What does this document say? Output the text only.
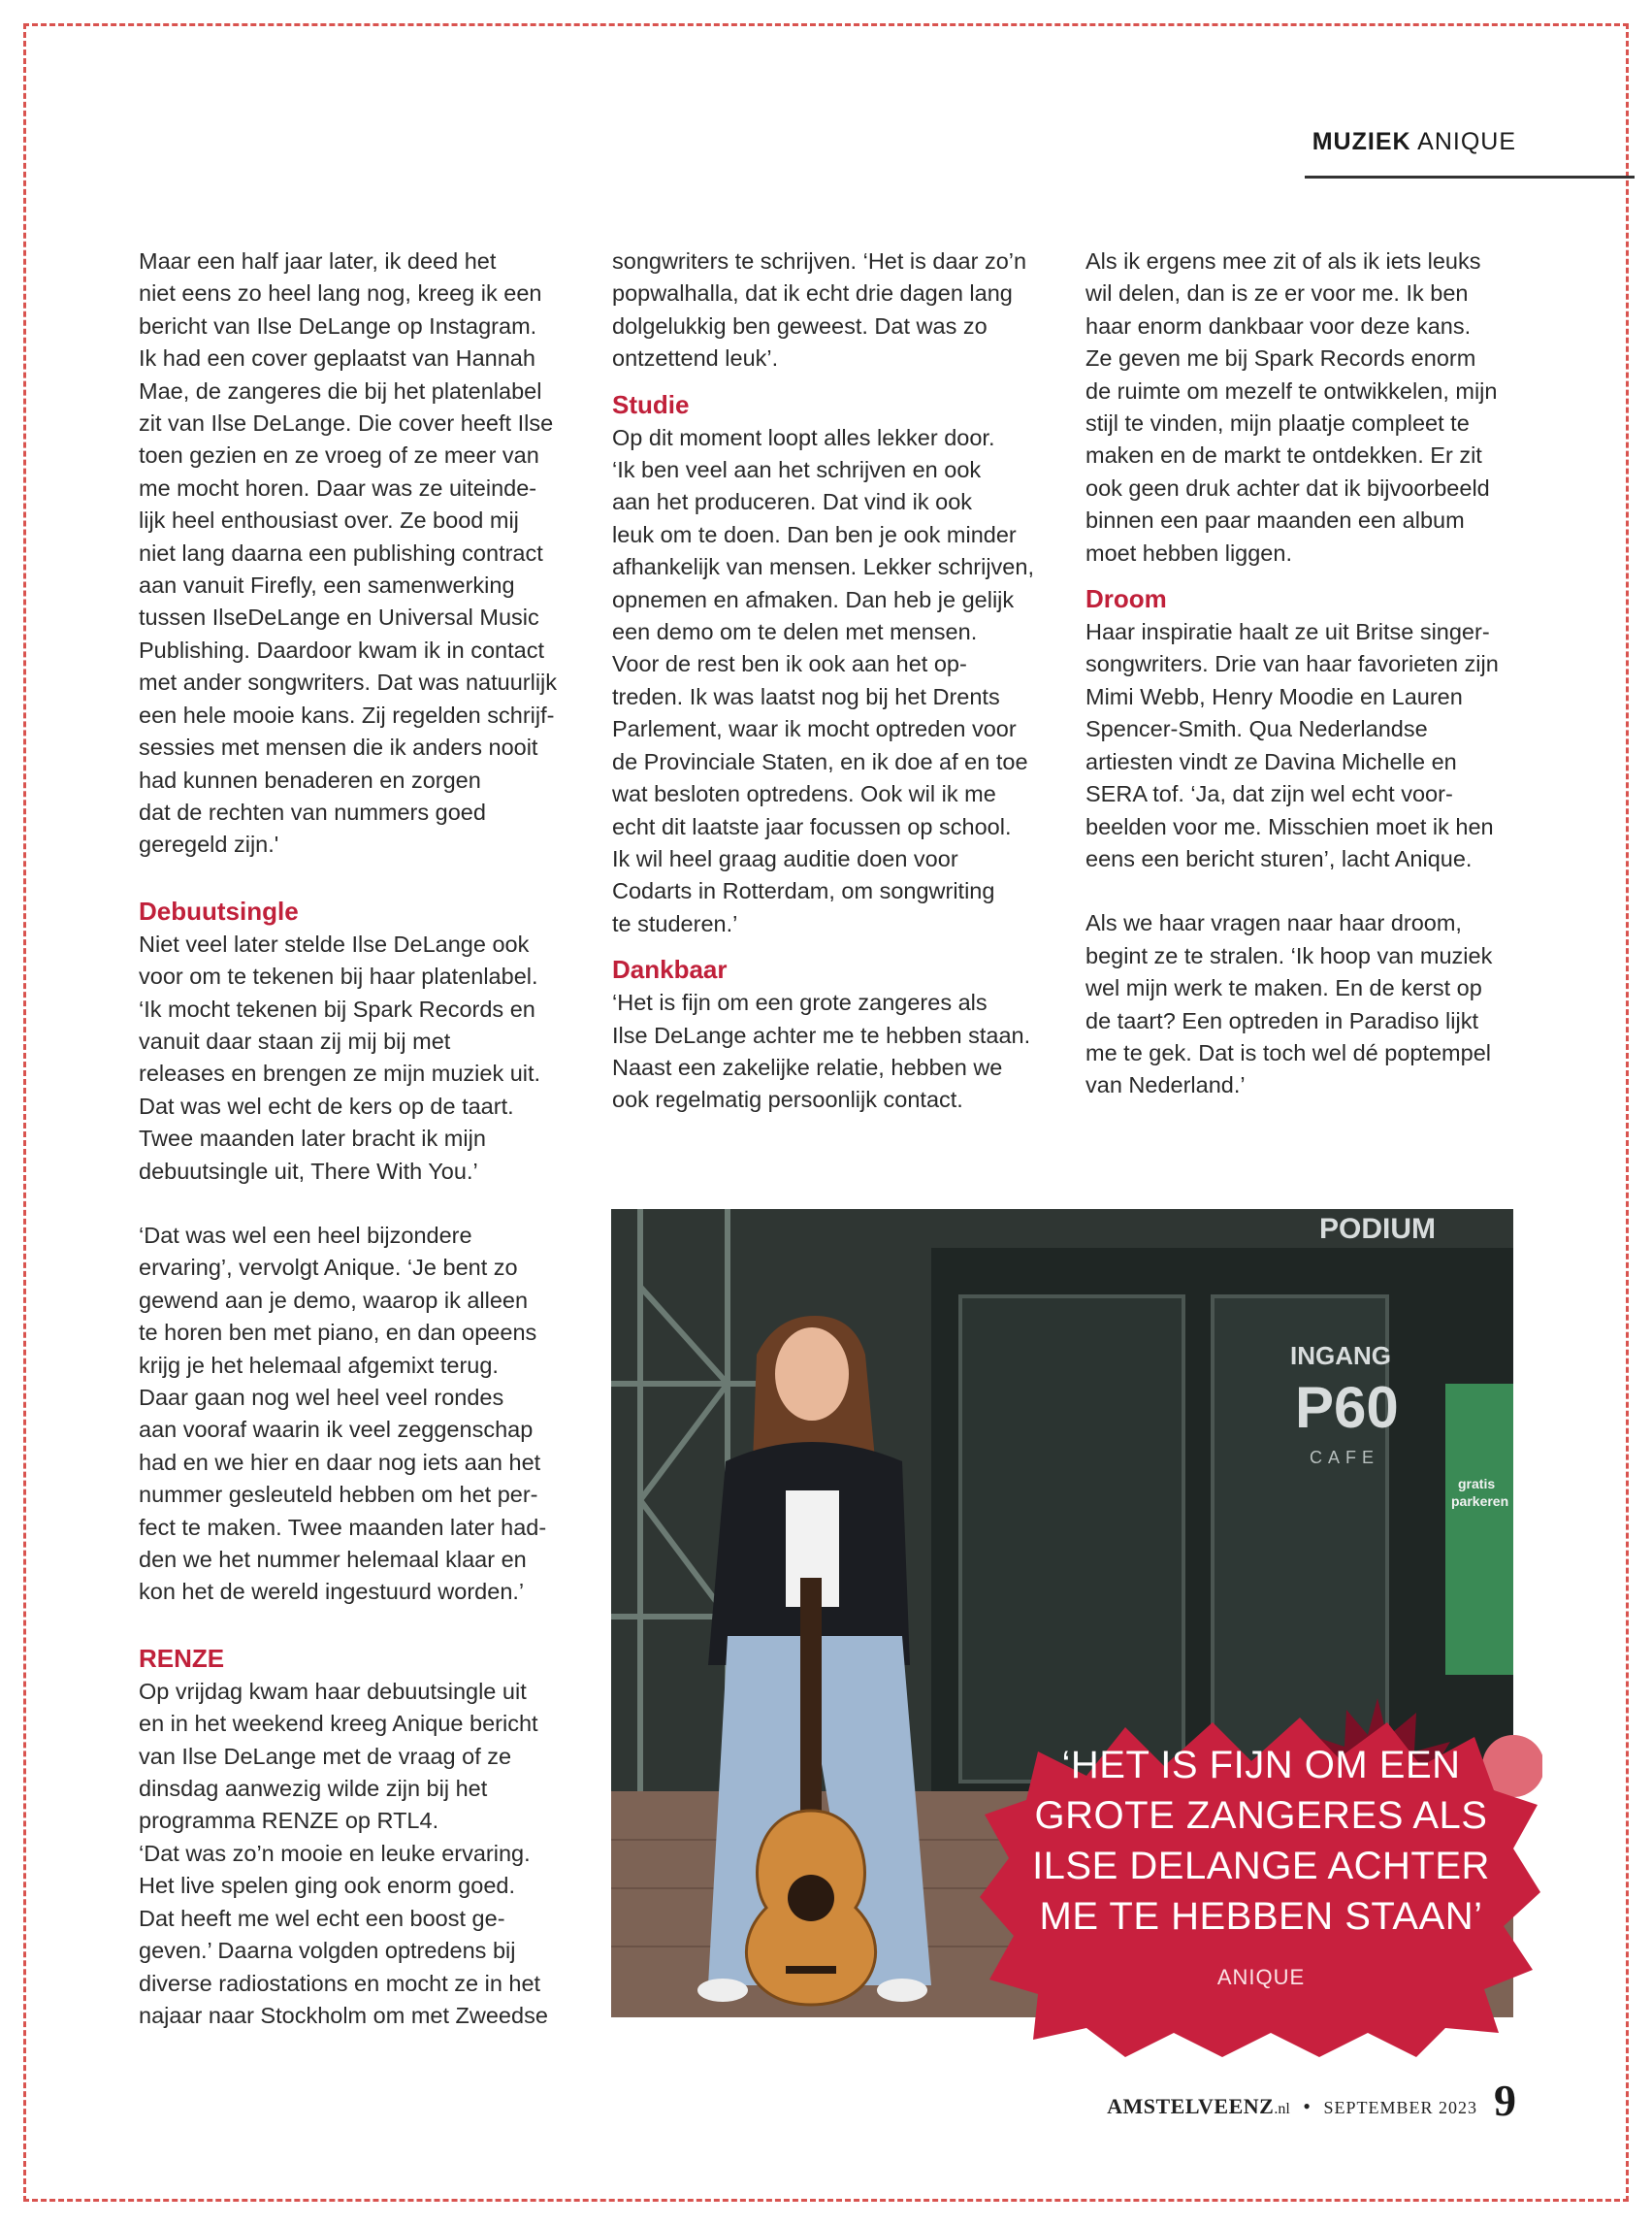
MUZIEK ANIQUE

Maar een half jaar later, ik deed het
niet eens zo heel lang nog, kreeg ik een
bericht van Ilse DeLange op Instagram.
Ik had een cover geplaatst van Hannah
Mae, de zangeres die bij het platenlabel
zit van Ilse DeLange. Die cover heeft Ilse
toen gezien en ze vroeg of ze meer van
me mocht horen. Daar was ze uiteinde-
lijk heel enthousiast over. Ze bood mij
niet lang daarna een publishing contract
aan vanuit Firefly, een samenwerking
tussen IlseDeLange en Universal Music
Publishing. Daardoor kwam ik in contact
met ander songwriters. Dat was natuurlijk
een hele mooie kans. Zij regelden schrijf-
sessies met mensen die ik anders nooit
had kunnen benaderen en zorgen
dat de rechten van nummers goed
geregeld zijn.'

Debuutsingle

Niet veel later stelde Ilse DeLange ook
voor om te tekenen bij haar platenlabel.
‘Ik mocht tekenen bij Spark Records en
vanuit daar staan zij mij bij met
releases en brengen ze mijn muziek uit.
Dat was wel echt de kers op de taart.
Twee maanden later bracht ik mijn
debuutsingle uit, There With You.’

‘Dat was wel een heel bijzondere
ervaring’, vervolgt Anique. ‘Je bent zo
gewend aan je demo, waarop ik alleen
te horen ben met piano, en dan opeens
krijg je het helemaal afgemixt terug.
Daar gaan nog wel heel veel rondes
aan vooraf waarin ik veel zeggenschap
had en we hier en daar nog iets aan het
nummer gesleuteld hebben om het per-
fect te maken. Twee maanden later had-
den we het nummer helemaal klaar en
kon het de wereld ingestuurd worden.’

RENZE

Op vrijdag kwam haar debuutsingle uit
en in het weekend kreeg Anique bericht
van Ilse DeLange met de vraag of ze
dinsdag aanwezig wilde zijn bij het
programma RENZE op RTL4.
‘Dat was zo’n mooie en leuke ervaring.
Het live spelen ging ook enorm goed.
Dat heeft me wel echt een boost ge-
geven.’ Daarna volgden optredens bij
diverse radiostations en mocht ze in het
najaar naar Stockholm om met Zweedse

songwriters te schrijven. ‘Het is daar zo’n
popwalhalla, dat ik echt drie dagen lang
dolgelukkig ben geweest. Dat was zo
ontzettend leuk’.

Studie

Op dit moment loopt alles lekker door.
‘Ik ben veel aan het schrijven en ook
aan het produceren. Dat vind ik ook
leuk om te doen. Dan ben je ook minder
afhankelijk van mensen. Lekker schrijven,
opnemen en afmaken. Dan heb je gelijk
een demo om te delen met mensen.
Voor de rest ben ik ook aan het op-
treden. Ik was laatst nog bij het Drents
Parlement, waar ik mocht optreden voor
de Provinciale Staten, en ik doe af en toe
wat besloten optredens. Ook wil ik me
echt dit laatste jaar focussen op school.
Ik wil heel graag auditie doen voor
Codarts in Rotterdam, om songwriting
te studeren.’

Dankbaar

‘Het is fijn om een grote zangeres als
Ilse DeLange achter me te hebben staan.
Naast een zakelijke relatie, hebben we
ook regelmatig persoonlijk contact.

Als ik ergens mee zit of als ik iets leuks
wil delen, dan is ze er voor me. Ik ben
haar enorm dankbaar voor deze kans.
Ze geven me bij Spark Records enorm
de ruimte om mezelf te ontwikkelen, mijn
stijl te vinden, mijn plaatje compleet te
maken en de markt te ontdekken. Er zit
ook geen druk achter dat ik bijvoorbeeld
binnen een paar maanden een album
moet hebben liggen.

Droom

Haar inspiratie haalt ze uit Britse singer-
songwriters. Drie van haar favorieten zijn
Mimi Webb, Henry Moodie en Lauren
Spencer-Smith. Qua Nederlandse
artiesten vindt ze Davina Michelle en
SERA tof. ‘Ja, dat zijn wel echt voor-
beelden voor me. Misschien moet ik hen
eens een bericht sturen’, lacht Anique.

Als we haar vragen naar haar droom,
begint ze te stralen. ‘Ik hoop van muziek
wel mijn werk te maken. En de kerst op
de taart? Een optreden in Paradiso lijkt
me te gek. Dat is toch wel dé poptempel
van Nederland.’

PODIUM
INGANG
P60
CAFE
gratis
parkeren
‘HET IS FIJN OM EEN
GROTE ZANGERES ALS
ILSE DELANGE ACHTER
ME TE HEBBEN STAAN’
ANIQUE
AMSTELVEENZ.nl • SEPTEMBER 2023 9
